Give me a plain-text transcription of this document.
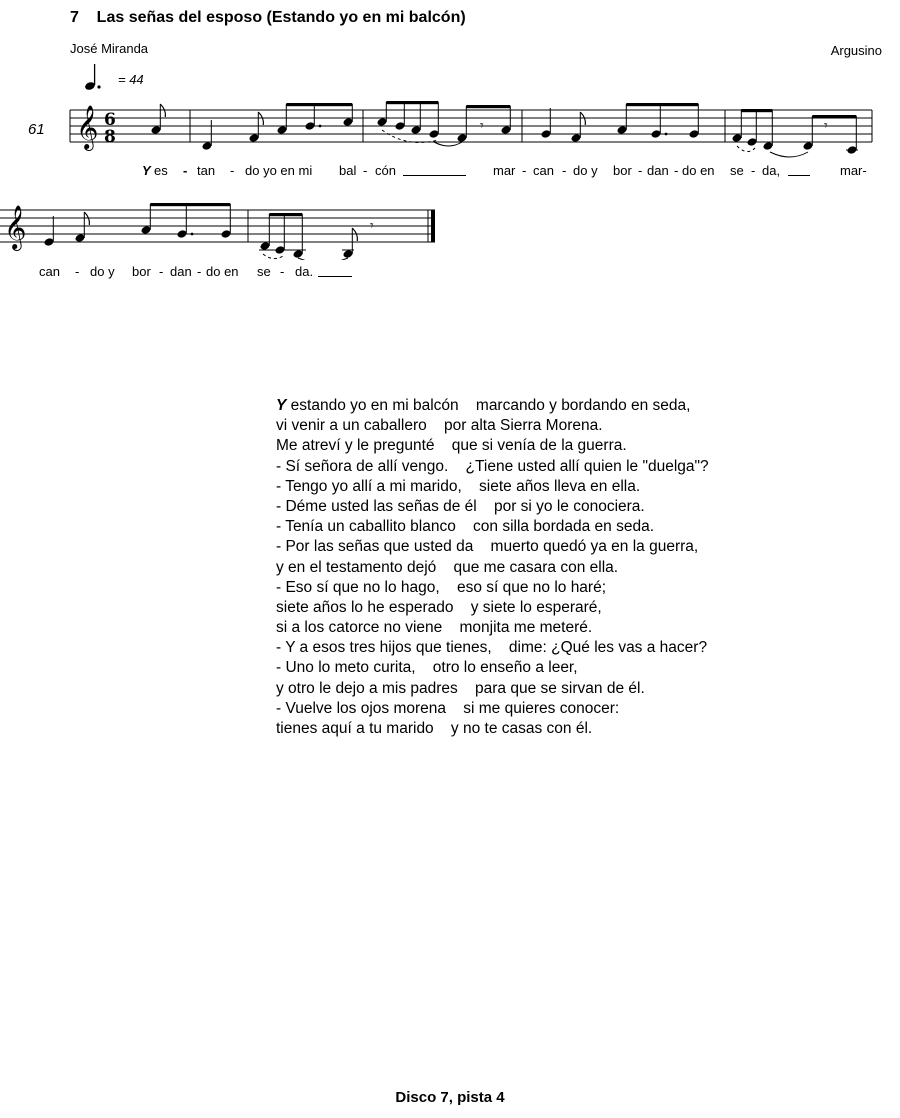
7    Las señas del esposo (Estando yo en mi balcón)
José Miranda	Argusino
= 44
61 𝄞 6
8
𝄾	𝄾
Y es - tan - do yo en mi bal - cón	mar - can - do y bor - dan - do en se - da,	mar-
𝄞	𝄾
can - do y bor - dan - do en se - da.
Y estando yo en mi balcón    marcando y bordando en seda,
vi venir a un caballero    por alta Sierra Morena.
Me atreví y le pregunté    que si venía de la guerra.
- Sí señora de allí vengo.    ¿Tiene usted allí quien le "duelga"?
- Tengo yo allí a mi marido,    siete años lleva en ella.
- Déme usted las señas de él    por si yo le conociera.
- Tenía un caballito blanco    con silla bordada en seda.
- Por las señas que usted da    muerto quedó ya en la guerra,
y en el testamento dejó    que me casara con ella.
- Eso sí que no lo hago,    eso sí que no lo haré;
siete años lo he esperado    y siete lo esperaré,
si a los catorce no viene    monjita me meteré.
- Y a esos tres hijos que tienes,    dime: ¿Qué les vas a hacer?
- Uno lo meto curita,    otro lo enseño a leer,
y otro le dejo a mis padres    para que se sirvan de él.
- Vuelve los ojos morena    si me quieres conocer:
tienes aquí a tu marido    y no te casas con él.
Disco 7, pista 4
